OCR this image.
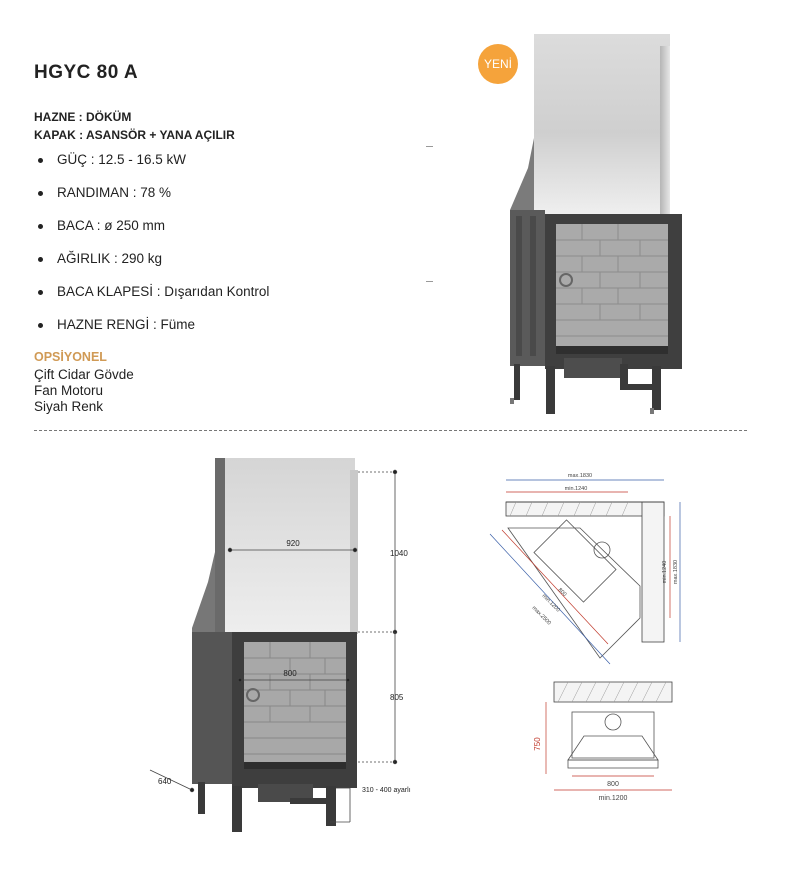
HGYC 80 A
HAZNE : DÖKÜM
KAPAK : ASANSÖR + YANA AÇILIR
GÜÇ : 12.5 - 16.5 kW
RANDIMAN : 78 %
BACA : ø 250 mm
AĞIRLIK : 290 kg
BACA KLAPESİ : Dışarıdan Kontrol
HAZNE RENGİ : Füme
OPSİYONEL
Çift Cidar Gövde
Fan Motoru
Siyah Renk
YENİ
920
1040
800
805
640
310 - 400 ayarlı
max.1830
min.1240
min.1240 max.1830
800
min.1200
max.2500
750
800
min.1200
